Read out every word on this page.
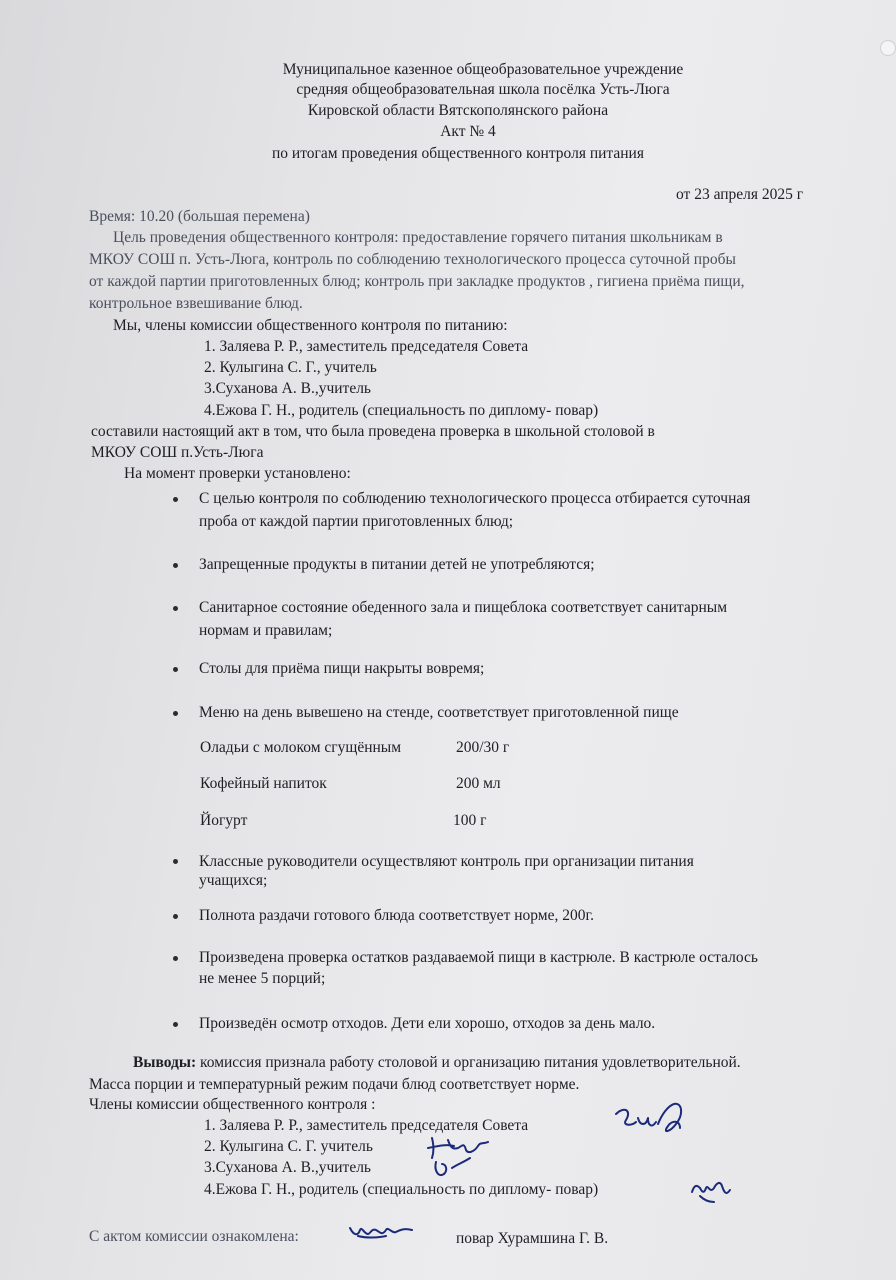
Муниципальное казенное общеобразовательное учреждение
средняя общеобразовательная школа посёлка Усть-Люга
Кировской области Вятскополянского района
Акт № 4
по итогам проведения общественного контроля питания
от 23 апреля 2025 г
Время: 10.20 (большая перемена)
Цель проведения общественного контроля: предоставление горячего питания школьникам в
МКОУ СОШ п. Усть-Люга, контроль по соблюдению технологического процесса суточной пробы
от каждой партии приготовленных блюд; контроль при закладке продуктов , гигиена приёма пищи,
контрольное взвешивание блюд.
Мы, члены комиссии общественного контроля по питанию:
1. Заляева Р. Р., заместитель председателя Совета
2. Кулыгина С. Г., учитель
3.Суханова А. В.,учитель
4.Ежова Г. Н., родитель (специальность по диплому- повар)
составили настоящий акт в том, что была проведена проверка в школьной столовой в
МКОУ СОШ п.Усть-Люга
На момент проверки установлено:
С целью контроля по соблюдению технологического процесса отбирается суточная
проба от каждой партии приготовленных блюд;
Запрещенные продукты в питании детей не употребляются;
Санитарное состояние обеденного зала и пищеблока соответствует санитарным
нормам и правилам;
Столы для приёма пищи накрыты вовремя;
Меню на день вывешено на стенде, соответствует приготовленной пище
Оладьи с молоком сгущённым	200/30 г
Кофейный напиток	200 мл
Йогурт	100 г
Классные руководители осуществляют контроль при организации питания
учащихся;
Полнота раздачи готового блюда соответствует норме, 200г.
Произведена проверка остатков раздаваемой пищи в кастрюле. В кастрюле осталось
не менее 5 порций;
Произведён осмотр отходов. Дети ели хорошо, отходов за день мало.
Выводы: комиссия признала работу столовой и организацию питания удовлетворительной.
Масса порции и температурный режим подачи блюд соответствует норме.
Члены комиссии общественного контроля :
1. Заляева Р. Р., заместитель председателя Совета
2. Кулыгина С. Г. учитель
3.Суханова А. В.,учитель
4.Ежова Г. Н., родитель (специальность по диплому- повар)
С актом комиссии ознакомлена:	повар Хурамшина Г. В.
